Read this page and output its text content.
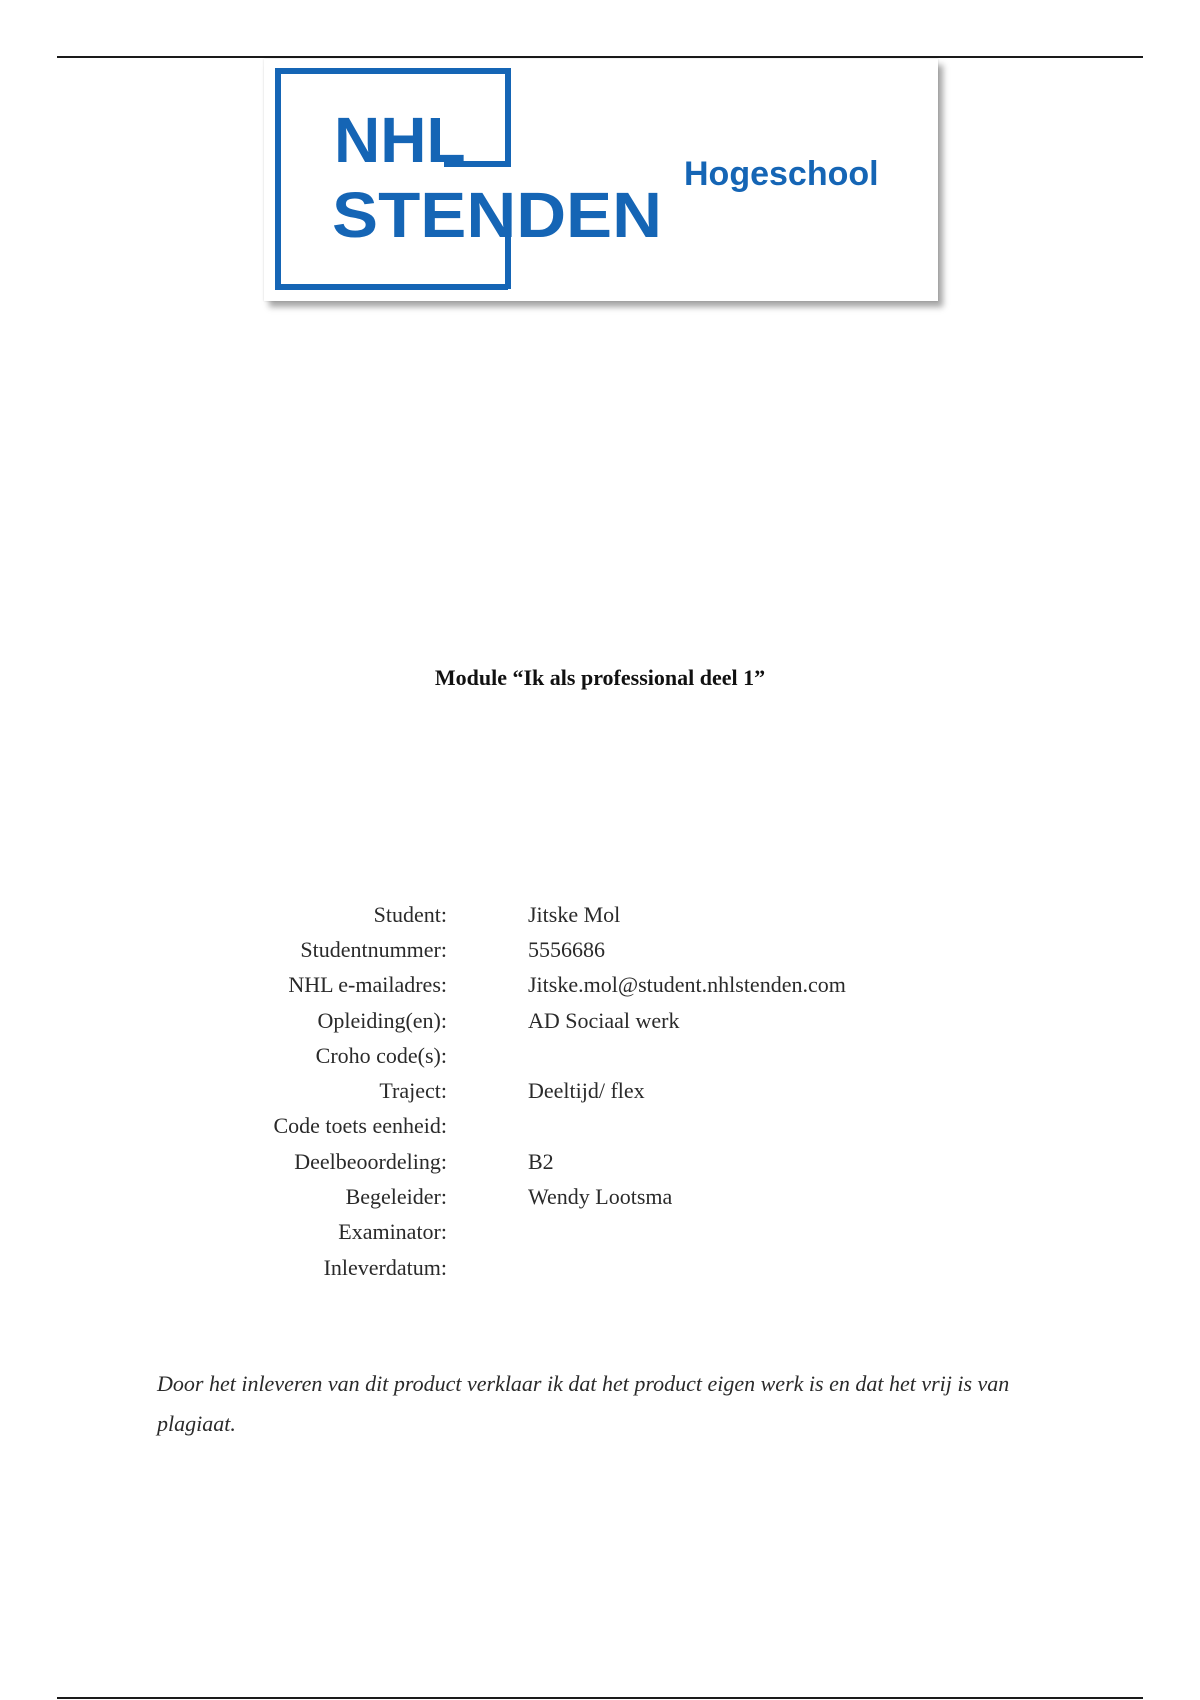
NHL
STENDEN
Hogeschool
Module “Ik als professional deel 1”
Student:	Jitske Mol
Studentnummer:	5556686
NHL e-mailadres:	Jitske.mol@student.nhlstenden.com
Opleiding(en):	AD Sociaal werk
Croho code(s):	
Traject:	Deeltijd/ flex
Code toets eenheid:	
Deelbeoordeling:	B2
Begeleider:	Wendy Lootsma
Examinator:	
Inleverdatum:	
Door het inleveren van dit product verklaar ik dat het product eigen werk is en dat het vrij is van plagiaat.
